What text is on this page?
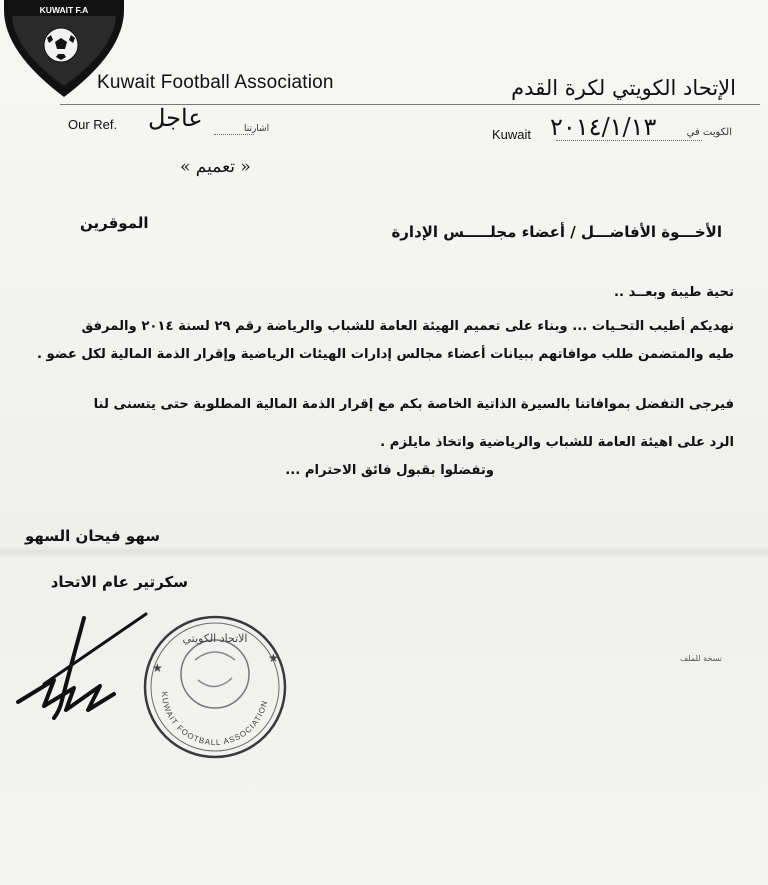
KUWAIT F.A
Kuwait Football Association	الإتحاد الكويتي لكرة القدم
Our Ref. عاجل	اشارتنا
« تعميم »
Kuwait ٢٠١٤/١/١٣	الكويت في
الموقرين	الأخـــوة الأفاضـــل / أعضاء مجلـــــس الإدارة

تحية طيبة وبعــد ..

نهديكم أطيب التحـيات ... وبناء على تعميم الهيئة العامة للشباب والرياضة رقم ٢٩ لسنة ٢٠١٤ والمرفق

طيه والمتضمن طلب موافاتهم ببيانات أعضاء مجالس إدارات الهيئات الرياضية وإقرار الذمة المالية لكل عضو .

فيرجى التفضل بموافاتنا بالسيرة الذاتية الخاصة بكم مع إقرار الذمة المالية المطلوبة حتى يتسنى لنا

الرد على اهيئة العامة للشباب والرياضية واتخاذ مايلزم .

وتفضلوا بقبول فائق الاحترام ...

سهو فيحان السهو
سكرتير عام الاتحاد
KUWAIT FOOTBALL ASSOCIATION
الاتحاد الكويتي
★
★	نسخة للملف
